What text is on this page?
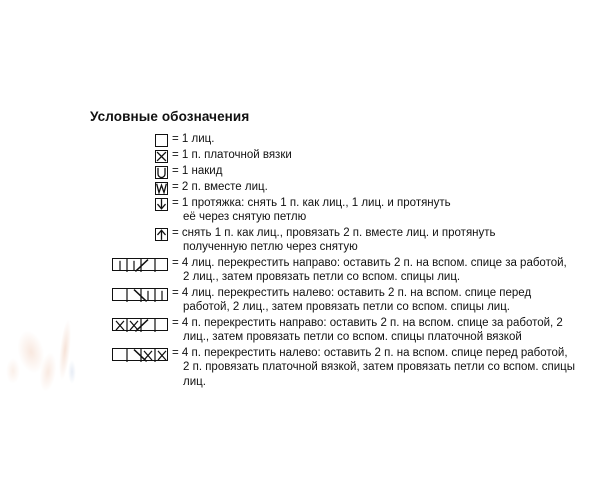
Условные обозначения
= 1 лиц.
= 1 п. платочной вязки
= 1 накид
= 2 п. вместе лиц.
= 1 протяжка: снять 1 п. как лиц., 1 лиц. и протянуть
её через снятую петлю
= снять 1 п. как лиц., провязать 2 п. вместе лиц. и протянуть
полученную петлю через снятую
= 4 лиц. перекрестить направо: оставить 2 п. на вспом. спице за работой,
2 лиц., затем провязать петли со вспом. спицы лиц.
= 4 лиц. перекрестить налево: оставить 2 п. на вспом. спице перед
работой, 2 лиц., затем провязать петли со вспом. спицы лиц.
= 4 п. перекрестить направо: оставить 2 п. на вспом. спице за работой, 2
лиц., затем провязать петли со вспом. спицы платочной вязкой
= 4 п. перекрестить налево: оставить 2 п. на вспом. спице перед работой,
2 п. провязать платочной вязкой, затем провязать петли со вспом. спицы лиц.
